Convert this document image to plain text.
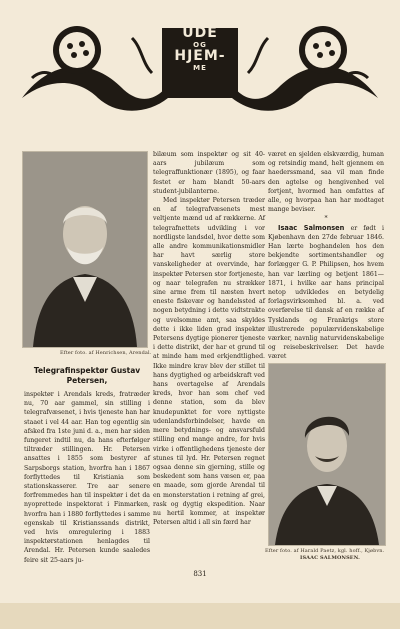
UDE
OG
HJEM-
ME
Efter foto. af Henrichsen, Arendal.
Telegrafinspektør Gustav Petersen,

inspektør i Arendals kreds, fratræder nu, 70 aar gammel, sin stilling i telegrafvæsenet, i hvis tjeneste han har staaet i vel 44 aar. Han tog egentlig sin afsked fra 1ste juni d. a., men har siden fungeret indtil nu, da hans efterfølger tiltræder stillingen. Hr. Petersen ansattes i 1855 som bestyrer af Sarpsborgs station, hvorfra han i 1867 forflyttedes til Kristiania som stationskasserer. Tre aar senere forfremmedes han til inspektør i det da nyoprettede inspektorat i Finmarken, hvorfra han i 1880 forflyttedes i samme egenskab til Kristianssands distrikt, ved hvis omregulering i 1883 inspektørstationen henlagdes til Arendal. Hr. Petersen kunde saaledes feire sit 25-aars ju-

bilæum som inspektør og sit 40-aars jubilæum som telegraffunktionær (1895), og faar festet er ham blandt 50-aars student-jubilanterne.

Med inspektør Petersen træder en af telegrafvæsenets mest veltjente mænd ud af rækkerne. Af telegrafnettets udvikling i vor nordligste landsdel, hvor dette som alle andre kommunikationsmidler har havt særlig store vanskeligheder at overvinde, har inspektør Petersen stor fortjeneste, og naar telegrafen nu strækker sine arme frem til næsten hvert eneste fiskevær og handelssted af nogen betydning i dette vidtstrakte og uvelsomme amt, saa skyldes dette i ikke liden grad inspektør Petersens dygtige pionerer tjeneste i dette distrikt, der har et grund til at minde ham med erkjendtlighed. Ikke mindre krav blev der stillet til hans dygtighed og arbeidskraft ved hans overtagelse af Arendals kreds, hvor han som chef ved denne station, som da blev knudepunktet for vore nyttigste udenlandsforbindelser, havde en mere betydnings- og ansvarsfuld stilling end mange andre, for hvis virke i offentlighedens tjeneste der stunes til lyd. Hr. Petersen regnet ogsaa denne sin gjerning, stille og beskedent som hans væsen er, paa en maade, som gjorde Arendal til en monsterstation i retning af grei, rask og dygtig ekspedition. Naar nu hertil kommer, at inspektør Petersen altid i all sin færd har

været en sjelden elskværdig, human og retsindig mand, helt gjennem en haederssmand, saa vil man finde den agtelse og hengivenhed vel fortjent, hvormed han omfattes af alle, og hvorpaa han har modtaget mange beviser.

*

Isaac Salmonsen er født i Kjøbenhavn den 27de februar 1846. Han lærte boghandelen hos den bekjendte sortimentshandler og forlægger G. P. Philipsen, hos hvem han var lærling og betjent 1861—1871, i hvilke aar hans principal netop udvikledes en betydelig forlagsvirksomhed bl. a. ved overførelse til dansk af en række af Tysklands og Frankrigs store illustrerede populærvidenskabelige værker, navnlig naturvidenskabelige og reisebeskrivelser. Det havde været

Efter foto. af Harald Paetz, kgl. hoff., Kjøbvn.
ISAAC SALMONSEN.
831
